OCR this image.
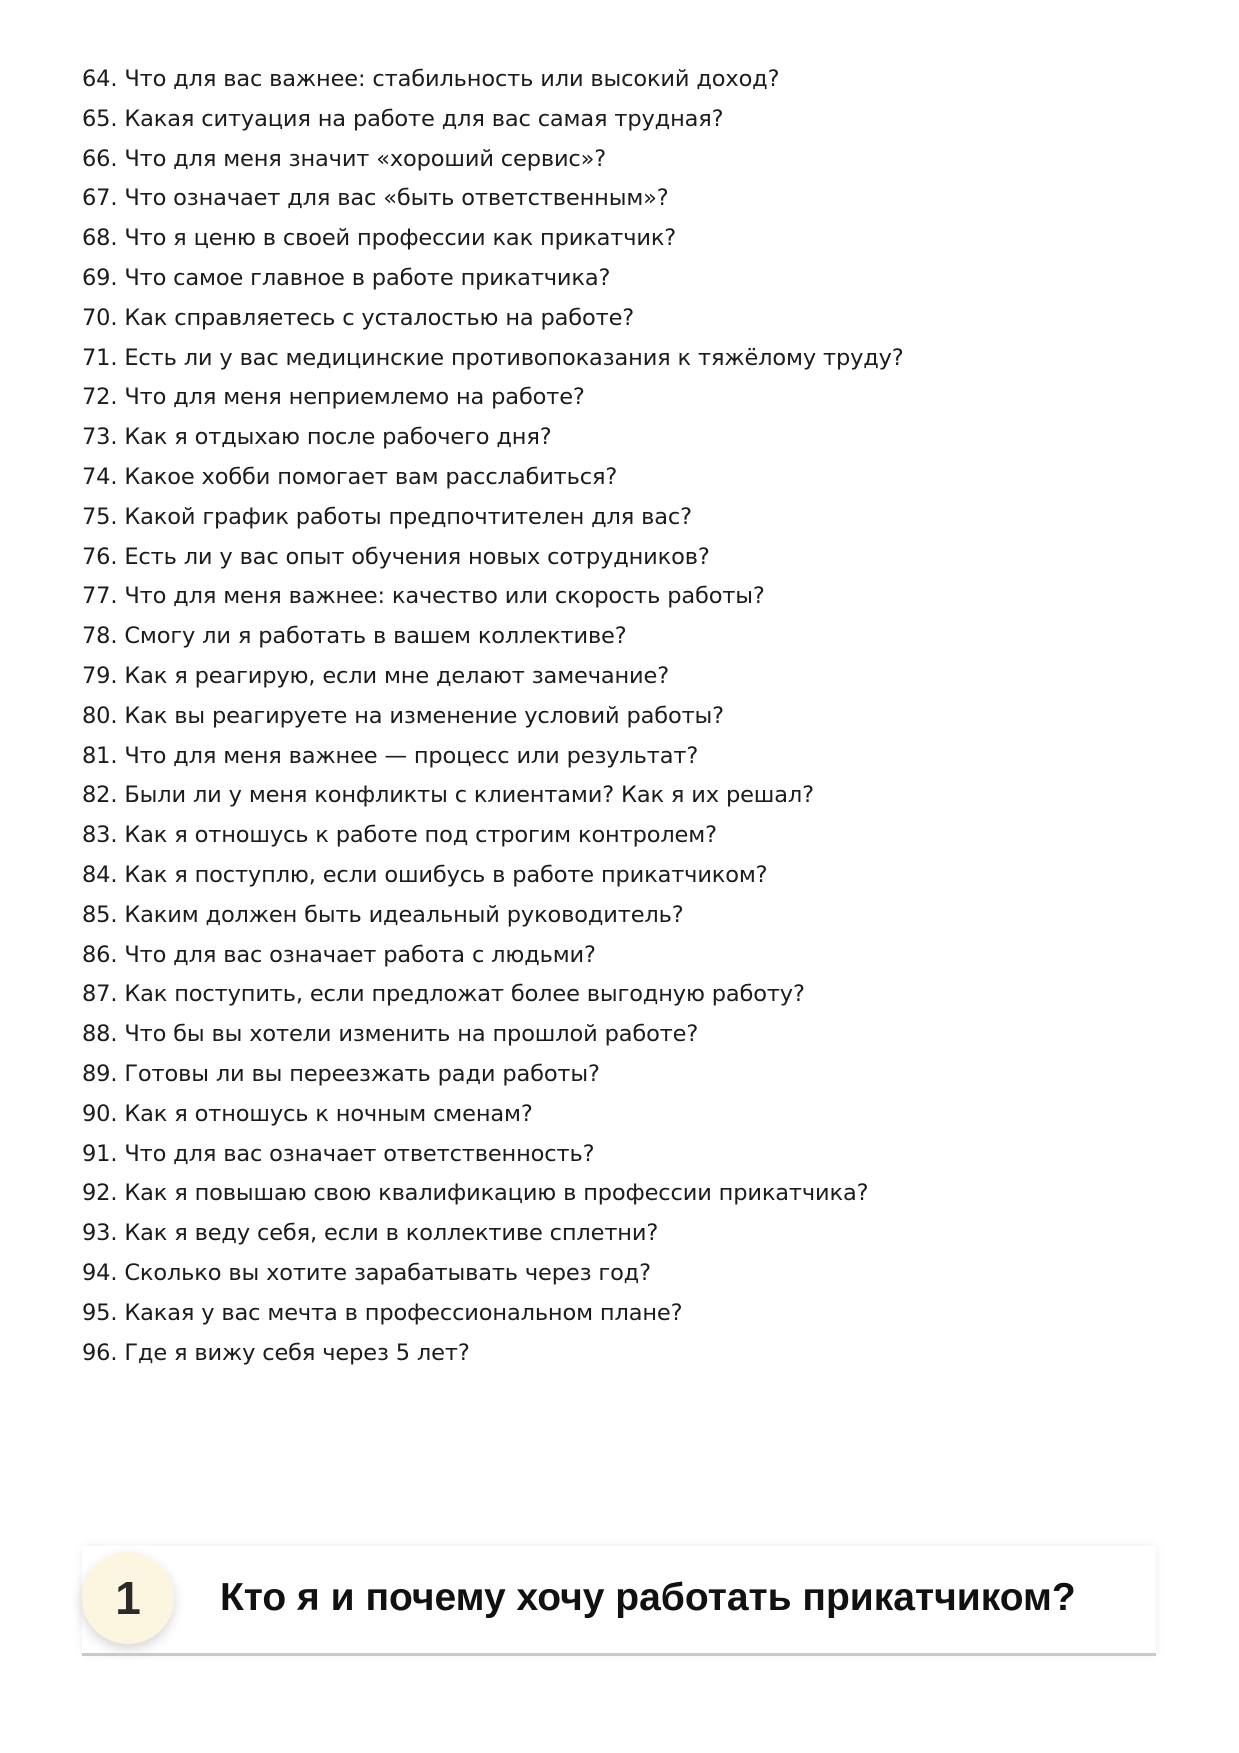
64. Что для вас важнее: стабильность или высокий доход?
65. Какая ситуация на работе для вас самая трудная?
66. Что для меня значит «хороший сервис»?
67. Что означает для вас «быть ответственным»?
68. Что я ценю в своей профессии как прикатчик?
69. Что самое главное в работе прикатчика?
70. Как справляетесь с усталостью на работе?
71. Есть ли у вас медицинские противопоказания к тяжёлому труду?
72. Что для меня неприемлемо на работе?
73. Как я отдыхаю после рабочего дня?
74. Какое хобби помогает вам расслабиться?
75. Какой график работы предпочтителен для вас?
76. Есть ли у вас опыт обучения новых сотрудников?
77. Что для меня важнее: качество или скорость работы?
78. Смогу ли я работать в вашем коллективе?
79. Как я реагирую, если мне делают замечание?
80. Как вы реагируете на изменение условий работы?
81. Что для меня важнее — процесс или результат?
82. Были ли у меня конфликты с клиентами? Как я их решал?
83. Как я отношусь к работе под строгим контролем?
84. Как я поступлю, если ошибусь в работе прикатчиком?
85. Каким должен быть идеальный руководитель?
86. Что для вас означает работа с людьми?
87. Как поступить, если предложат более выгодную работу?
88. Что бы вы хотели изменить на прошлой работе?
89. Готовы ли вы переезжать ради работы?
90. Как я отношусь к ночным сменам?
91. Что для вас означает ответственность?
92. Как я повышаю свою квалификацию в профессии прикатчика?
93. Как я веду себя, если в коллективе сплетни?
94. Сколько вы хотите зарабатывать через год?
95. Какая у вас мечта в профессиональном плане?
96. Где я вижу себя через 5 лет?
1	Кто я и почему хочу работать прикатчиком?
